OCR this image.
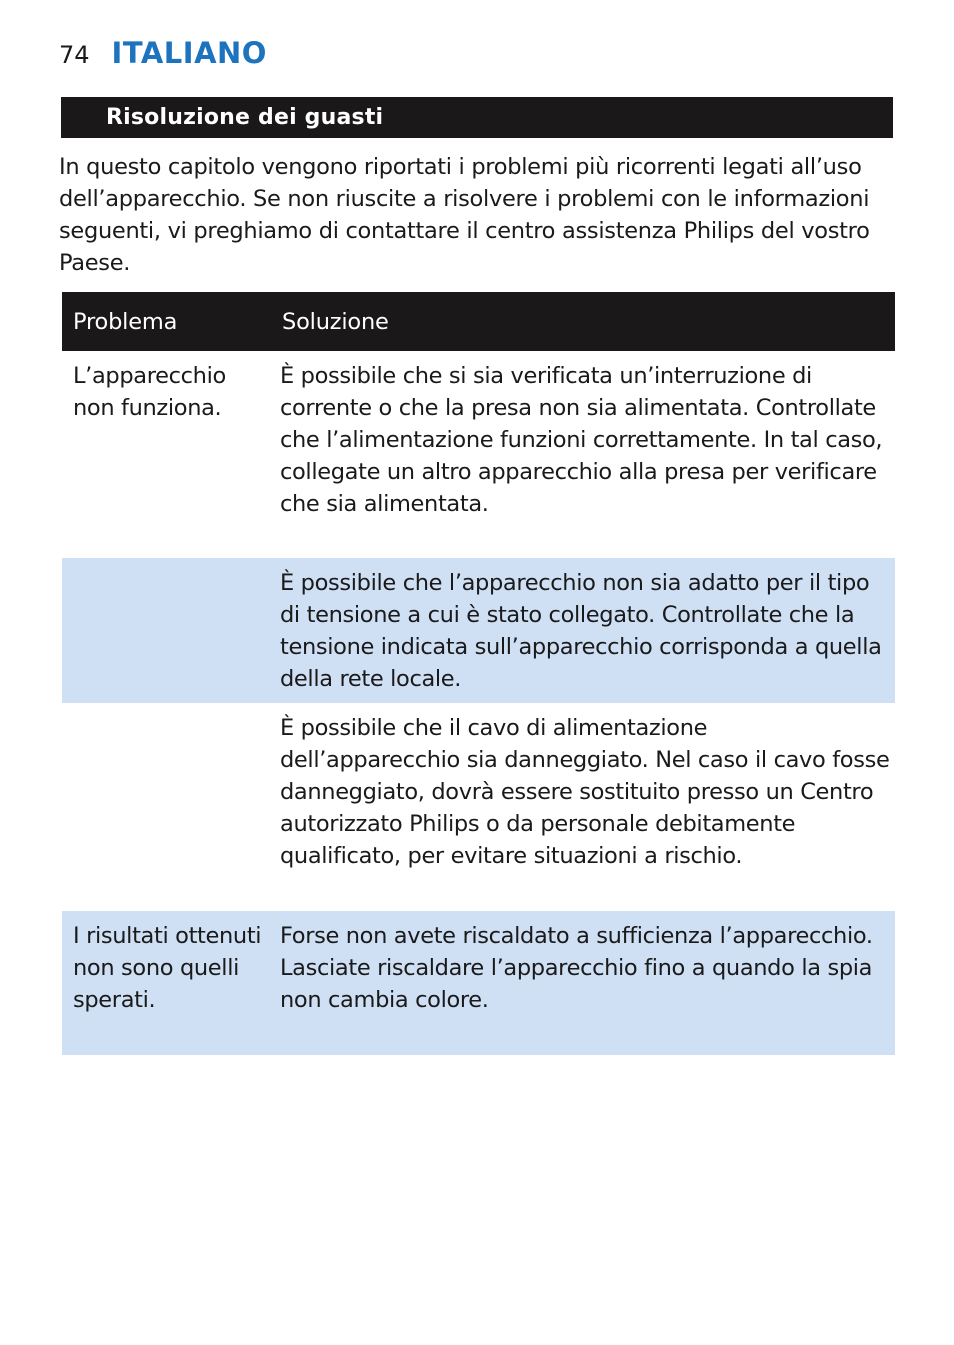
74 ITALIANO
Risoluzione dei guasti

In questo capitolo vengono riportati i problemi più ricorrenti legati all’uso dell’apparecchio. Se non riuscite a risolvere i problemi con le informazioni seguenti, vi preghiamo di contattare il centro assistenza Philips del vostro Paese.

Problema	Soluzione
L’apparecchio non funziona.	È possibile che si sia verificata un’interruzione di corrente o che la presa non sia alimentata. Controllate che l’alimentazione funzioni correttamente. In tal caso, collegate un altro apparecchio alla presa per verificare che sia alimentata.
	È possibile che l’apparecchio non sia adatto per il tipo di tensione a cui è stato collegato. Controllate che la tensione indicata sull’apparecchio corrisponda a quella della rete locale.
	È possibile che il cavo di alimentazione dell’apparecchio sia danneggiato. Nel caso il cavo fosse danneggiato, dovrà essere sostituito presso un Centro autorizzato Philips o da personale debitamente qualificato, per evitare situazioni a rischio.
I risultati ottenuti non sono quelli sperati.	Forse non avete riscaldato a sufficienza l’apparecchio. Lasciate riscaldare l’apparecchio fino a quando la spia non cambia colore.
